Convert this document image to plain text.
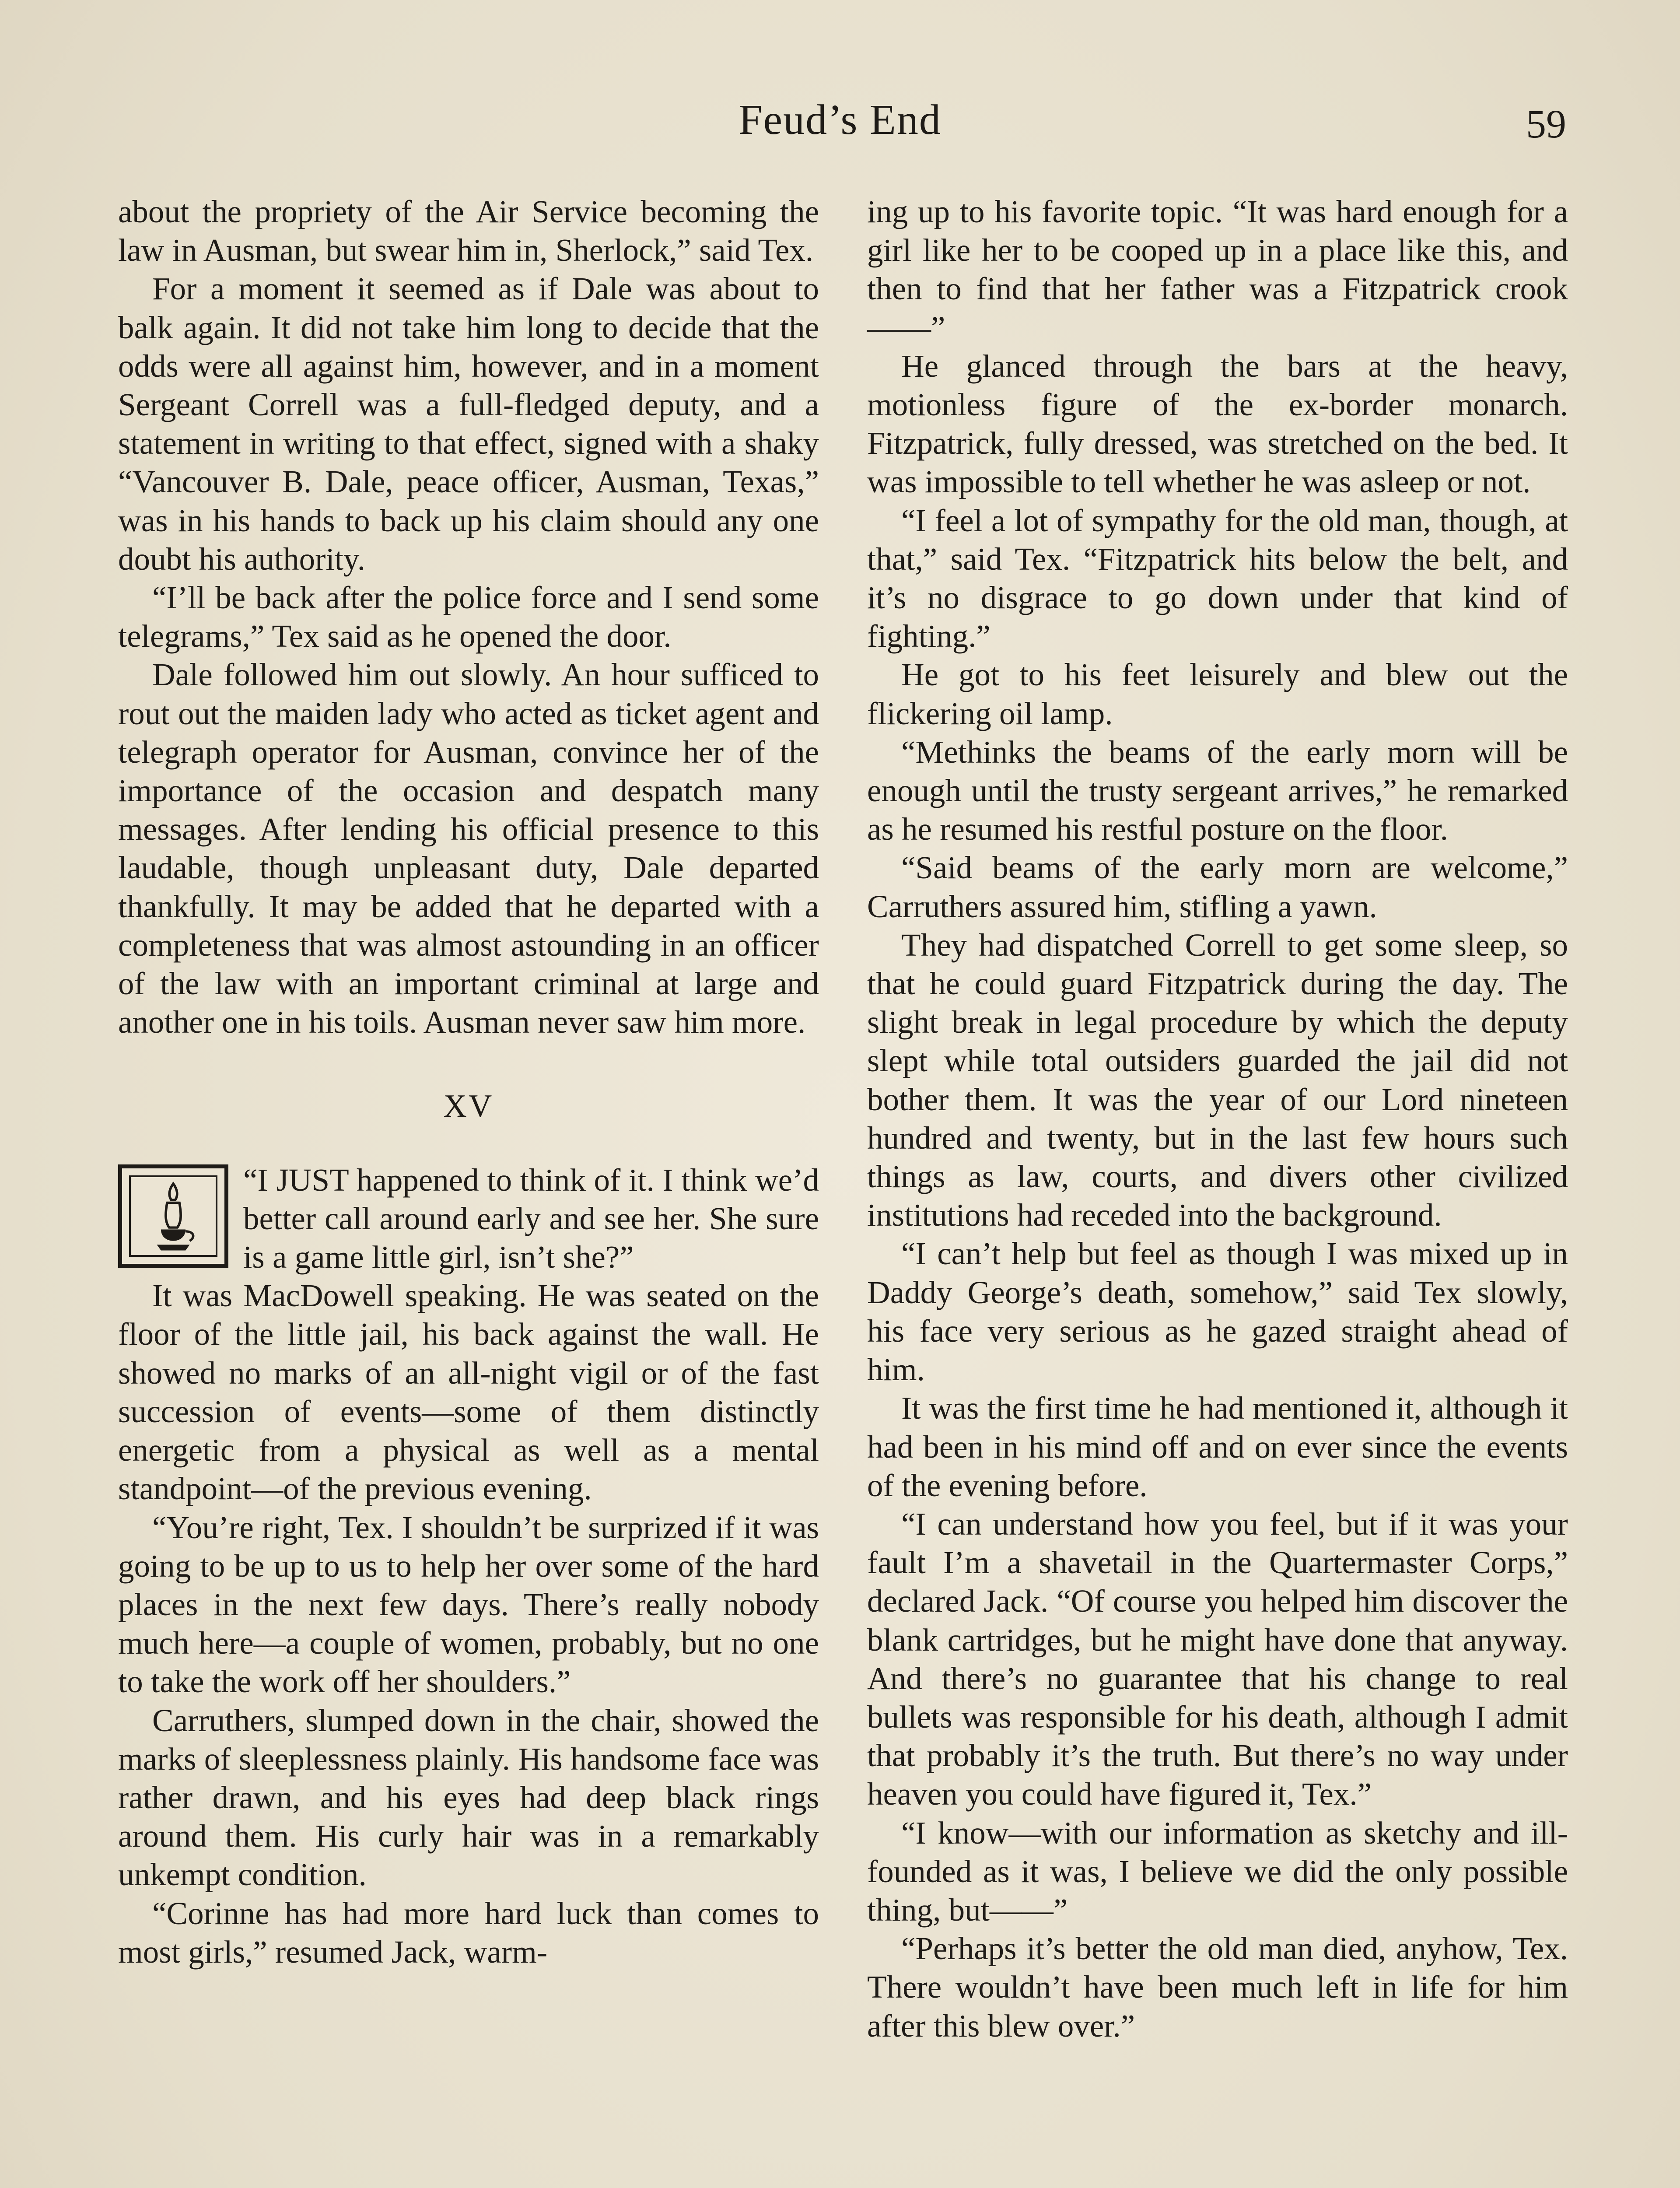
Feud’s End	59

about the propriety of the Air Service becoming the law in Ausman, but swear him in, Sherlock,” said Tex.

For a moment it seemed as if Dale was about to balk again. It did not take him long to decide that the odds were all against him, however, and in a moment Sergeant Correll was a full-fledged deputy, and a statement in writing to that effect, signed with a shaky “Vancouver B. Dale, peace officer, Ausman, Texas,” was in his hands to back up his claim should any one doubt his authority.

“I’ll be back after the police force and I send some telegrams,” Tex said as he opened the door.

Dale followed him out slowly. An hour sufficed to rout out the maiden lady who acted as ticket agent and telegraph operator for Ausman, convince her of the importance of the occasion and despatch many messages. After lending his official presence to this laudable, though unpleasant duty, Dale departed thankfully. It may be added that he departed with a completeness that was almost astounding in an officer of the law with an important criminal at large and another one in his toils. Ausman never saw him more.

XV

“I JUST happened to think of it. I think we’d better call around early and see her. She sure is a game little girl, isn’t she?”

It was MacDowell speaking. He was seated on the floor of the little jail, his back against the wall. He showed no marks of an all-night vigil or of the fast succession of events—some of them distinctly energetic from a physical as well as a mental standpoint—of the previous evening.

“You’re right, Tex. I shouldn’t be surprized if it was going to be up to us to help her over some of the hard places in the next few days. There’s really nobody much here—a couple of women, probably, but no one to take the work off her shoulders.”

Carruthers, slumped down in the chair, showed the marks of sleeplessness plainly. His handsome face was rather drawn, and his eyes had deep black rings around them. His curly hair was in a remarkably unkempt condition.

“Corinne has had more hard luck than comes to most girls,” resumed Jack, warm-

ing up to his favorite topic. “It was hard enough for a girl like her to be cooped up in a place like this, and then to find that her father was a Fitzpatrick crook——”

He glanced through the bars at the heavy, motionless figure of the ex-border monarch. Fitzpatrick, fully dressed, was stretched on the bed. It was impossible to tell whether he was asleep or not.

“I feel a lot of sympathy for the old man, though, at that,” said Tex. “Fitzpatrick hits below the belt, and it’s no disgrace to go down under that kind of fighting.”

He got to his feet leisurely and blew out the flickering oil lamp.

“Methinks the beams of the early morn will be enough until the trusty sergeant arrives,” he remarked as he resumed his restful posture on the floor.

“Said beams of the early morn are welcome,” Carruthers assured him, stifling a yawn.

They had dispatched Correll to get some sleep, so that he could guard Fitzpatrick during the day. The slight break in legal procedure by which the deputy slept while total outsiders guarded the jail did not bother them. It was the year of our Lord nineteen hundred and twenty, but in the last few hours such things as law, courts, and divers other civilized institutions had receded into the background.

“I can’t help but feel as though I was mixed up in Daddy George’s death, somehow,” said Tex slowly, his face very serious as he gazed straight ahead of him.

It was the first time he had mentioned it, although it had been in his mind off and on ever since the events of the evening before.

“I can understand how you feel, but if it was your fault I’m a shavetail in the Quartermaster Corps,” declared Jack. “Of course you helped him discover the blank cartridges, but he might have done that anyway. And there’s no guarantee that his change to real bullets was responsible for his death, although I admit that probably it’s the truth. But there’s no way under heaven you could have figured it, Tex.”

“I know—with our information as sketchy and ill-founded as it was, I believe we did the only possible thing, but——”

“Perhaps it’s better the old man died, anyhow, Tex. There wouldn’t have been much left in life for him after this blew over.”
